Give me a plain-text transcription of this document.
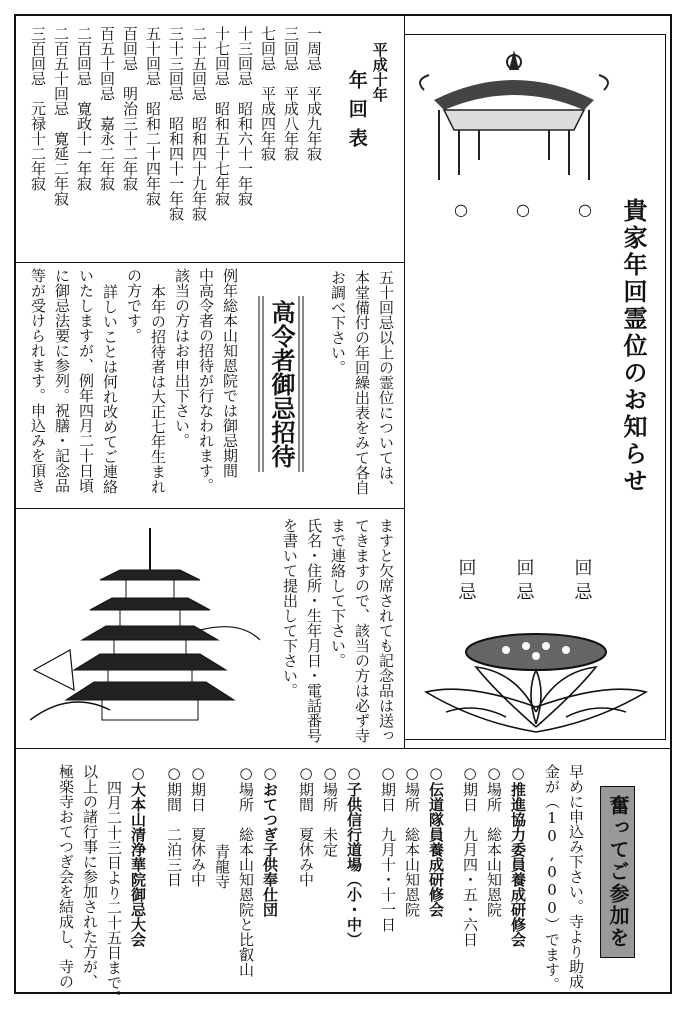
○	○	○ 貴家年回霊位のお知らせ
回忌
回忌
回忌
平成十年
年回表
一周忌　平成九年寂
三回忌　平成八年寂
七回忌　平成四年寂
十三回忌　昭和六十一年寂
十七回忌　昭和五十七年寂
二十五回忌　昭和四十九年寂
三十三回忌　昭和四十一年寂
五十回忌　昭和二十四年寂
百回忌　明治三十二年寂
百五十回忌　嘉永二年寂
二百回忌　寛政十一年寂
二百五十回忌　寛延二年寂
三百回忌　元禄十二年寂
五十回忌以上の霊位については、
本堂備付の年回繰出表をみて各自
お調べ下さい。
高令者御忌招待
例年総本山知恩院では御忌期間
中高令者の招待が行なわれます。
該当の方はお申出下さい。
本年の招待者は大正七年生まれ
の方です。
詳しいことは何れ改めてご連絡
いたしますが、例年四月二十日頃
に御忌法要に参列。祝膳・記念品
等が受けられます。申込みを頂き
ますと欠席されても記念品は送っ
てきますので、該当の方は必ず寺
まで連絡して下さい。
氏名・住所・生年月日・電話番号
を書いて提出して下さい。
奮ってご参加を
早めに申込み下さい。寺より助成
金が（10,000）でます。
○推進協力委員養成研修会
○場所　総本山知恩院
○期日　九月四・五・六日
○伝道隊員養成研修会
○場所　総本山知恩院
○期日　九月十・十一日
○子供信行道場（小・中）
○場所　未定
○期間　夏休み中
○おてつぎ子供奉仕団
○場所　総本山知恩院と比叡山
青龍寺
○期日　夏休み中
○期間　二泊三日
○大本山清浄華院御忌大会
四月二十三日より二十五日まで。
以上の諸行事に参加された方が、
極楽寺おてつぎ会を結成し、寺の
